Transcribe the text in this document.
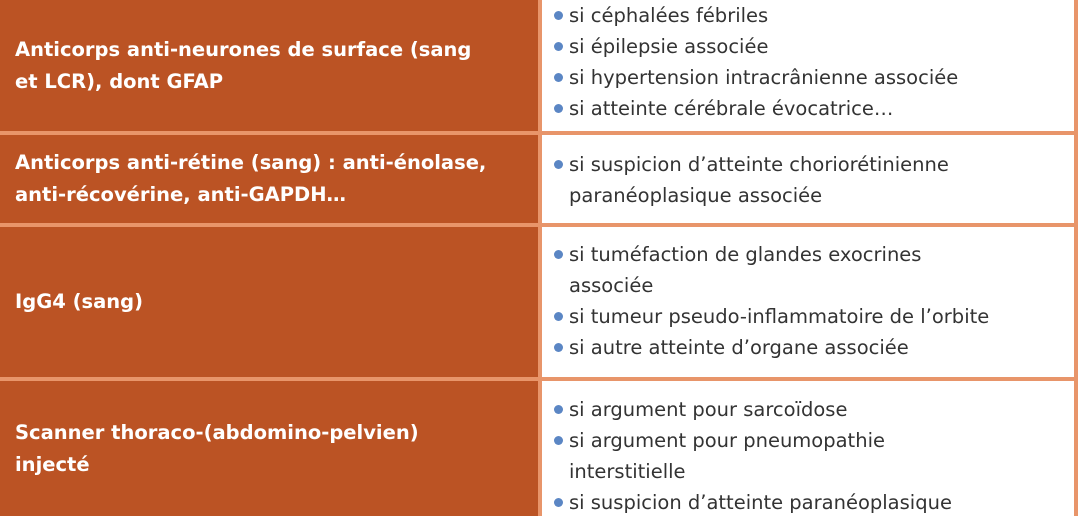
Anticorps anti-neurones de surface (sang
et LCR), dont GFAP
si céphalées fébriles
si épilepsie associée
si hypertension intracrânienne associée
si atteinte cérébrale évocatrice…
Anticorps anti-rétine (sang) : anti-énolase,
anti-récovérine, anti-GAPDH…
si suspicion d’atteinte choriorétinienne
paranéoplasique associée
IgG4 (sang)
si tuméfaction de glandes exocrines
associée
si tumeur pseudo-inflammatoire de l’orbite
si autre atteinte d’organe associée
Scanner thoraco-(abdomino-pelvien)
injecté
si argument pour sarcoïdose
si argument pour pneumopathie
interstitielle
si suspicion d’atteinte paranéoplasique
